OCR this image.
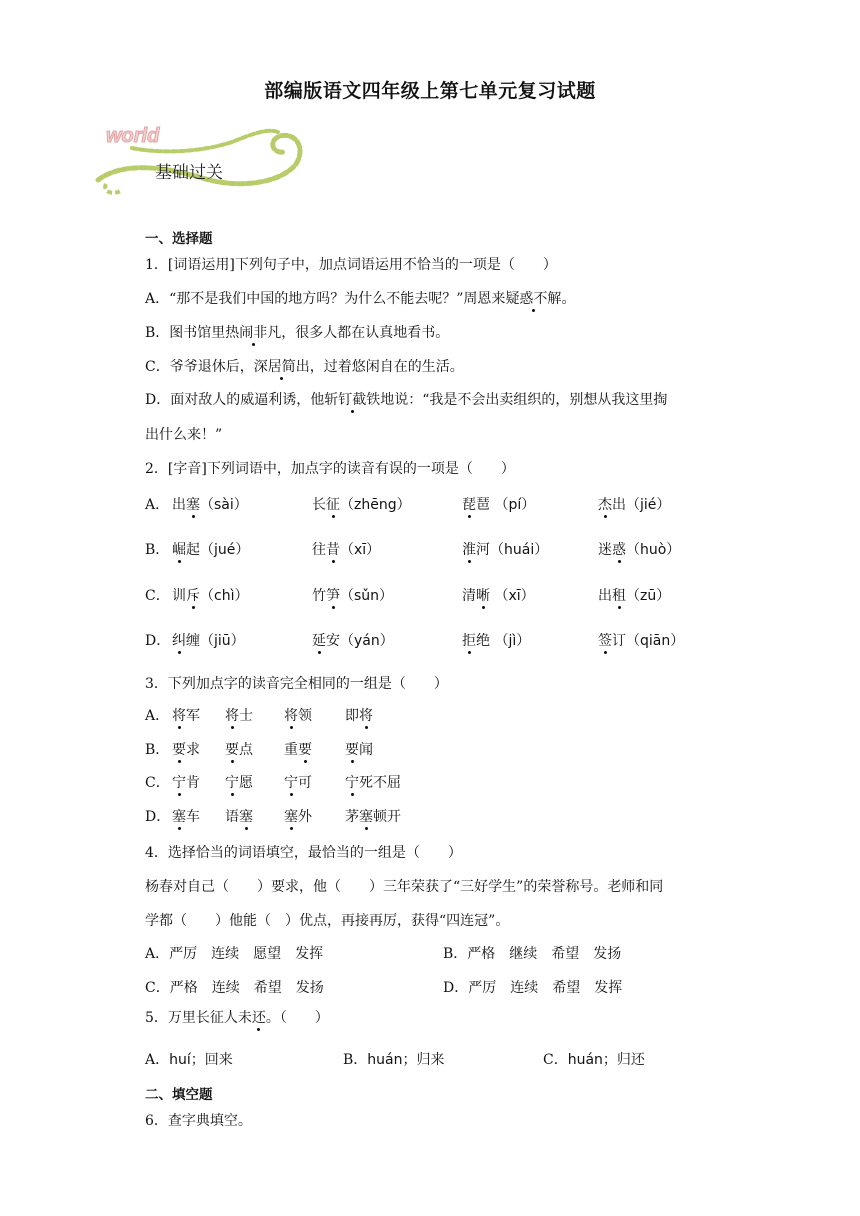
部编版语文四年级上第七单元复习试题
world
基础过关
一、选择题
1．[词语运用]下列句子中，加点词语运用不恰当的一项是（　　）
A．“那不是我们中国的地方吗？为什么不能去呢？”周恩来疑惑不解。
B．图书馆里热闹非凡，很多人都在认真地看书。
C．爷爷退休后，深居简出，过着悠闲自在的生活。
D．面对敌人的威逼利诱，他斩钉截铁地说：“我是不会出卖组织的，别想从我这里掏
出什么来！”
2．[字音]下列词语中，加点字的读音有误的一项是（　　）
A． 出塞（sài）	长征（zhēng）	琵琶 （pí）	杰出（jié）
B． 崛起（jué）	往昔（xī）	淮河（huái）	迷惑（huò）
C． 训斥（chì）	竹笋（sǔn）	清晰 （xī）	出租（zū）
D． 纠缠（jiū）	延安（yán）	拒绝 （jì）	签订（qiān）
3．下列加点字的读音完全相同的一组是（　　）
A． 将军 将士 将领 即将
B． 要求 要点 重要 要闻
C． 宁肯 宁愿 宁可 宁死不屈
D． 塞车 语塞 塞外 茅塞顿开
4．选择恰当的词语填空，最恰当的一组是（　　）
杨春对自己（　　）要求，他（　　）三年荣获了“三好学生”的荣誉称号。老师和同
学都（　　）他能（　）优点，再接再厉，获得“四连冠”。
A．严厉　连续　愿望　发挥	B．严格　继续　希望　发扬
C．严格　连续　希望　发扬	D．严厉　连续　希望　发挥
5．万里长征人未还。（　　）
A．huí；回来	B．huán；归来	C．huán；归还
二、填空题
6．查字典填空。
